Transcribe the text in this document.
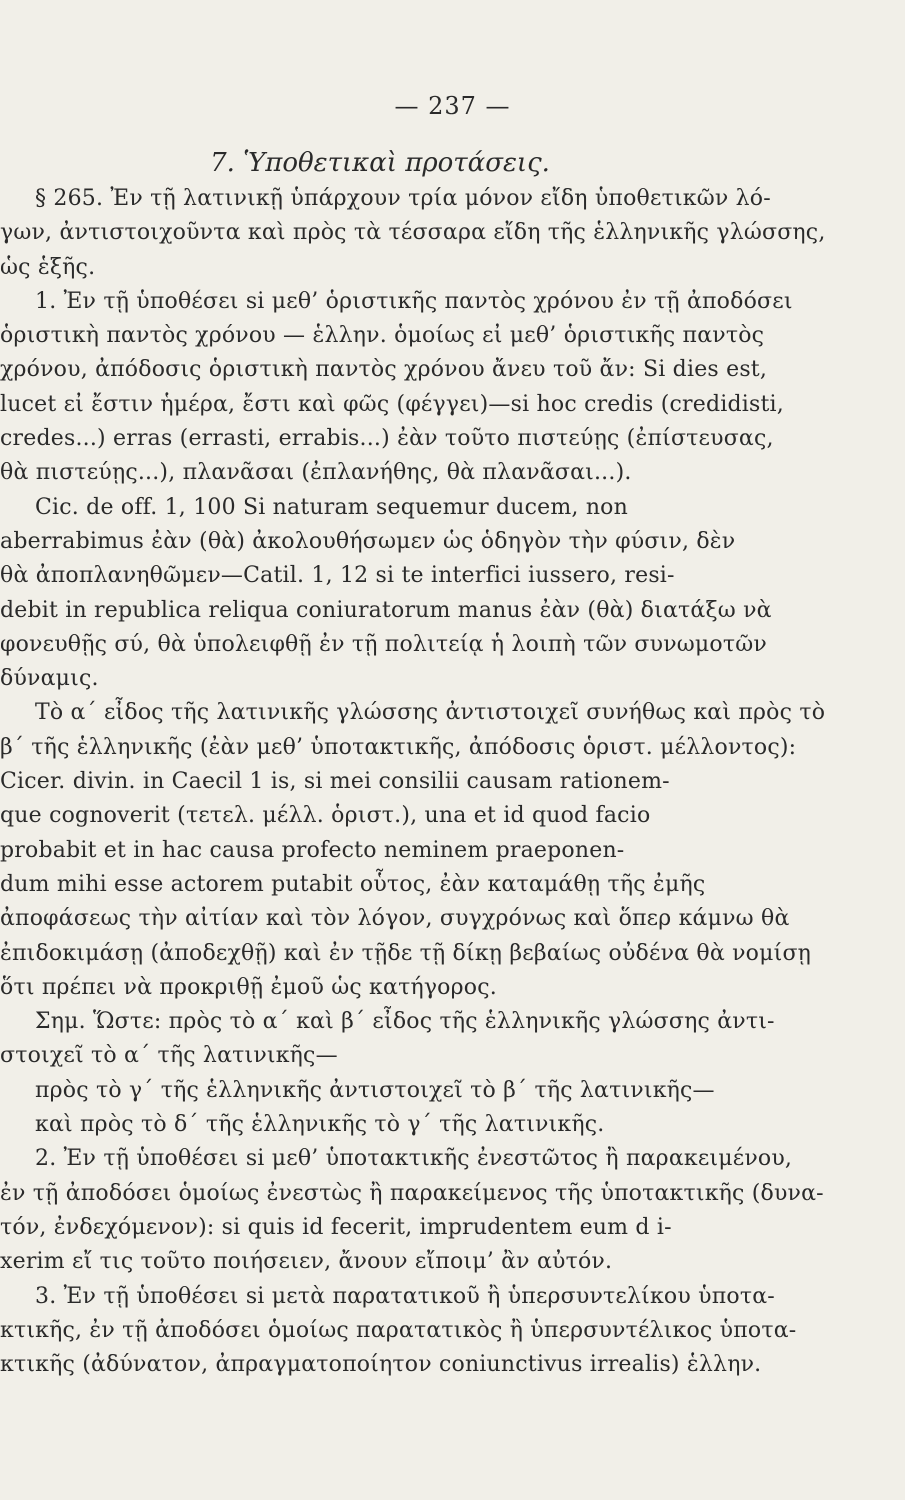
— 237 —
7. Ὑποθετικαὶ προτάσεις.
§ 265. Ἐν τῇ λατινικῇ ὑπάρχουν τρία μόνον εἴδη ὑποθετικῶν λό-
γων, ἀντιστοιχοῦντα καὶ πρὸς τὰ τέσσαρα εἴδη τῆς ἑλληνικῆς γλώσσης,
ὡς ἑξῆς.
1. Ἐν τῇ ὑποθέσει si μεθ’ ὁριστικῆς παντὸς χρόνου ἐν τῇ ἀποδόσει
ὁριστικὴ παντὸς χρόνου — ἑλλην. ὁμοίως εἰ μεθ’ ὁριστικῆς παντὸς
χρόνου, ἀπόδοσις ὁριστικὴ παντὸς χρόνου ἄνευ τοῦ ἄν: Si dies est,
lucet εἰ ἔστιν ἡμέρα, ἔστι καὶ φῶς (φέγγει)—si hoc credis (credidisti,
credes...) erras (errasti, errabis...) ἐὰν τοῦτο πιστεύῃς (ἐπίστευσας,
θὰ πιστεύῃς...), πλανᾶσαι (ἐπλανήθης, θὰ πλανᾶσαι...).
Cic. de off. 1, 100 Si naturam sequemur ducem, non
aberrabimus ἐὰν (θὰ) ἀκολουθήσωμεν ὡς ὁδηγὸν τὴν φύσιν, δὲν
θὰ ἀποπλανηθῶμεν—Catil. 1, 12 si te interfici iussero, resi-
debit in republica reliqua coniuratorum manus ἐὰν (θὰ) διατάξω νὰ
φονευθῇς σύ, θὰ ὑπολειφθῇ ἐν τῇ πολιτείᾳ ἡ λοιπὴ τῶν συνωμοτῶν
δύναμις.
Τὸ α΄ εἶδος τῆς λατινικῆς γλώσσης ἀντιστοιχεῖ συνήθως καὶ πρὸς τὸ
β΄ τῆς ἑλληνικῆς (ἐὰν μεθ’ ὑποτακτικῆς, ἀπόδοσις ὁριστ. μέλλοντος):
Cicer. divin. in Caecil 1 is, si mei consilii causam rationem-
que cognoverit (τετελ. μέλλ. ὁριστ.), una et id quod facio
probabit et in hac causa profecto neminem praeponen-
dum mihi esse actorem putabit οὗτος, ἐὰν καταμάθῃ τῆς ἐμῆς
ἀποφάσεως τὴν αἰτίαν καὶ τὸν λόγον, συγχρόνως καὶ ὅπερ κάμνω θὰ
ἐπιδοκιμάσῃ (ἀποδεχθῇ) καὶ ἐν τῇδε τῇ δίκῃ βεβαίως οὐδένα θὰ νομίσῃ
ὅτι πρέπει νὰ προκριθῇ ἐμοῦ ὡς κατήγορος.
Σημ. Ὥστε: πρὸς τὸ α΄ καὶ β΄ εἶδος τῆς ἑλληνικῆς γλώσσης ἀντι-
στοιχεῖ τὸ α΄ τῆς λατινικῆς—
πρὸς τὸ γ΄ τῆς ἑλληνικῆς ἀντιστοιχεῖ τὸ β΄ τῆς λατινικῆς—
καὶ πρὸς τὸ δ΄ τῆς ἑλληνικῆς τὸ γ΄ τῆς λατινικῆς.
2. Ἐν τῇ ὑποθέσει si μεθ’ ὑποτακτικῆς ἐνεστῶτος ἢ παρακειμένου,
ἐν τῇ ἀποδόσει ὁμοίως ἐνεστὼς ἢ παρακείμενος τῆς ὑποτακτικῆς (δυνα-
τόν, ἐνδεχόμενον): si quis id fecerit, imprudentem eum d i-
xerim εἴ τις τοῦτο ποιήσειεν, ἄνουν εἴποιμ’ ἂν αὐτόν.
3. Ἐν τῇ ὑποθέσει si μετὰ παρατατικοῦ ἢ ὑπερσυντελίκου ὑποτα-
κτικῆς, ἐν τῇ ἀποδόσει ὁμοίως παρατατικὸς ἢ ὑπερσυντέλικος ὑποτα-
κτικῆς (ἀδύνατον, ἀπραγματοποίητον coniunctivus irrealis) ἑλλην.
